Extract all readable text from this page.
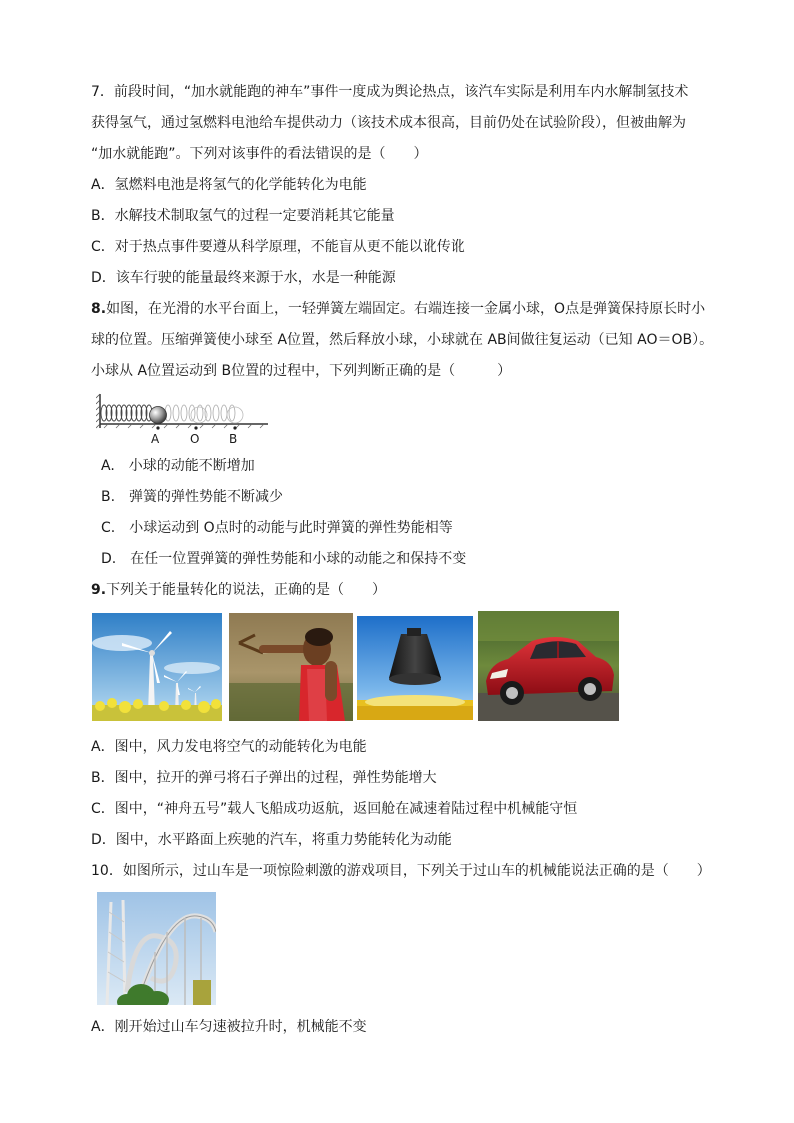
7．前段时间，“加水就能跑的神车”事件一度成为舆论热点，该汽车实际是利用车内水解制氢技术
获得氢气，通过氢燃料电池给车提供动力（该技术成本很高，目前仍处在试验阶段），但被曲解为
“加水就能跑”。下列对该事件的看法错误的是（　　）
A．氢燃料电池是将氢气的化学能转化为电能
B．水解技术制取氢气的过程一定要消耗其它能量
C．对于热点事件要遵从科学原理，不能盲从更不能以讹传讹
D．该车行驶的能量最终来源于水，水是一种能源
8.如图，在光滑的水平台面上，一轻弹簧左端固定。右端连接一金属小球，O点是弹簧保持原长时小
球的位置。压缩弹簧使小球至 A位置，然后释放小球，小球就在 AB间做往复运动（已知 AO＝OB）。
小球从 A位置运动到 B位置的过程中，下列判断正确的是（　　　）
A	O B
A.　小球的动能不断增加
B.　弹簧的弹性势能不断减少
C.　小球运动到 O点时的动能与此时弹簧的弹性势能相等
D.　在任一位置弹簧的弹性势能和小球的动能之和保持不变
9.下列关于能量转化的说法，正确的是（　　）
A．图中，风力发电将空气的动能转化为电能
B．图中，拉开的弹弓将石子弹出的过程，弹性势能增大
C．图中，“神舟五号”载人飞船成功返航，返回舱在减速着陆过程中机械能守恒
D．图中，水平路面上疾驰的汽车，将重力势能转化为动能
10．如图所示，过山车是一项惊险刺激的游戏项目，下列关于过山车的机械能说法正确的是（　　）
A．刚开始过山车匀速被拉升时，机械能不变
